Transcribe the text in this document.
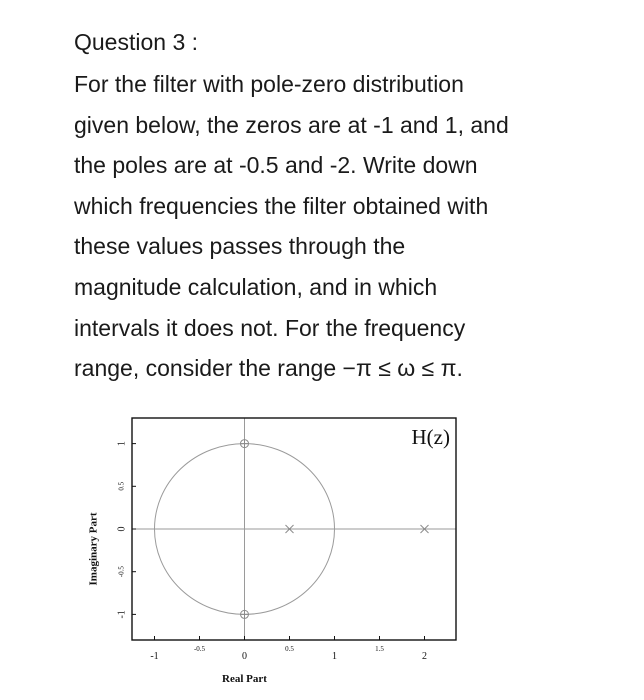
Question 3 :

For the filter with pole-zero distribution
given below, the zeros are at -1 and 1, and
the poles are at -0.5 and -2. Write down
which frequencies the filter obtained with
these values passes through the
magnitude calculation, and in which
intervals it does not. For the frequency
range, consider the range −π ≤ ω ≤ π.

-1
-0.5
0
0.5
1
1.5
2
1
0.5
0
-0.5
-1
H(z)
Real Part
Imaginary Part
